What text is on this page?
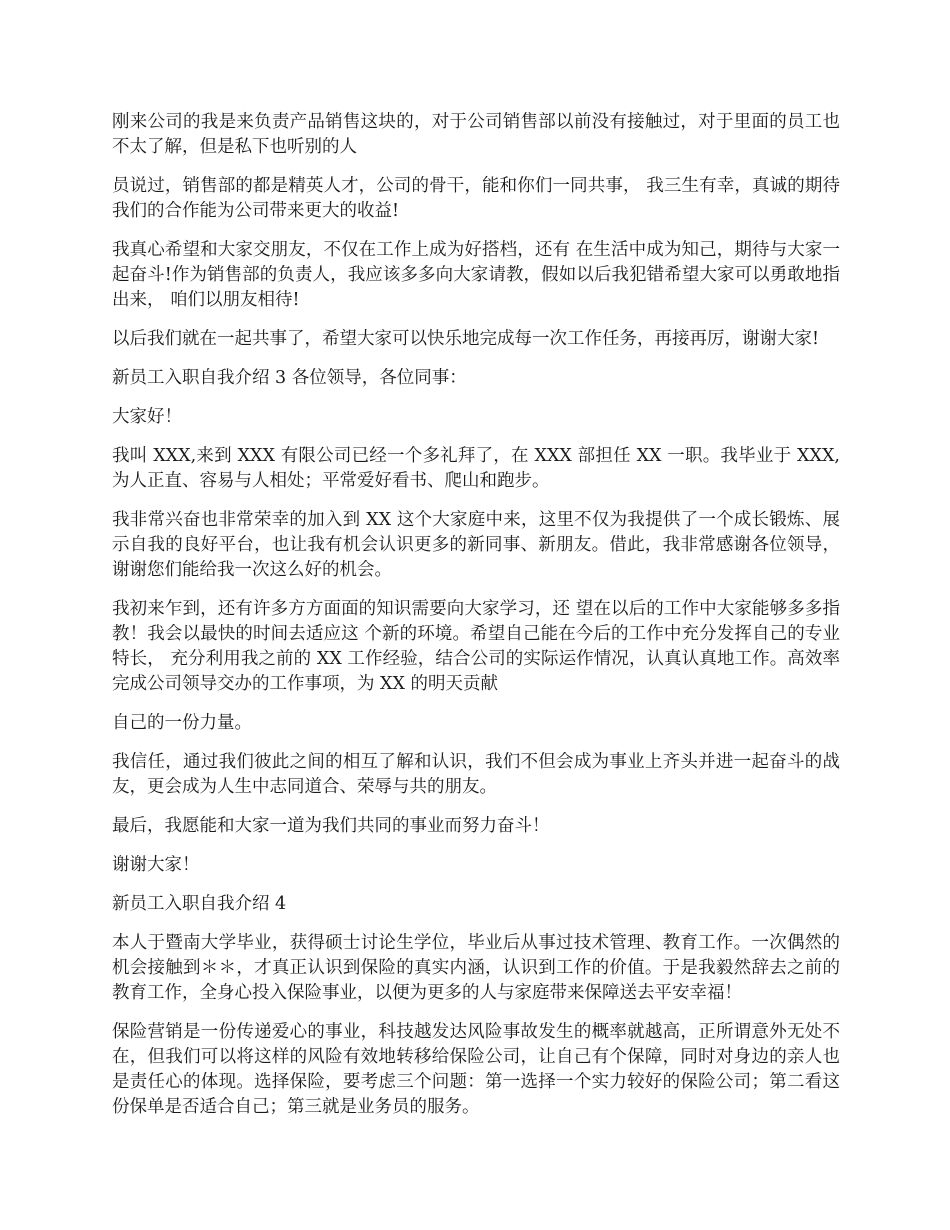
刚来公司的我是来负责产品销售这块的，对于公司销售部以前没有接触过，对于里面的员工也不太了解，但是私下也听别的人

员说过，销售部的都是精英人才，公司的骨干，能和你们一同共事， 我三生有幸，真诚的期待我们的合作能为公司带来更大的收益!

我真心希望和大家交朋友，不仅在工作上成为好搭档，还有 在生活中成为知己，期待与大家一起奋斗!作为销售部的负责人，我应该多多向大家请教，假如以后我犯错希望大家可以勇敢地指出来， 咱们以朋友相待!

以后我们就在一起共事了，希望大家可以快乐地完成每一次工作任务，再接再厉，谢谢大家!

新员工入职自我介绍 3 各位领导，各位同事：

大家好！

我叫 XXX,来到 XXX 有限公司已经一个多礼拜了，在 XXX 部担任 XX 一职。我毕业于 XXX,为人正直、容易与人相处；平常爱好看书、爬山和跑步。

我非常兴奋也非常荣幸的加入到 XX 这个大家庭中来，这里不仅为我提供了一个成长锻炼、展示自我的良好平台，也让我有机会认识更多的新同事、新朋友。借此，我非常感谢各位领导，谢谢您们能给我一次这么好的机会。

我初来乍到，还有许多方方面面的知识需要向大家学习，还 望在以后的工作中大家能够多多指教！我会以最快的时间去适应这 个新的环境。希望自己能在今后的工作中充分发挥自己的专业特长， 充分利用我之前的 XX 工作经验，结合公司的实际运作情况，认真认真地工作。高效率完成公司领导交办的工作事项，为 XX 的明天贡献

自己的一份力量。

我信任，通过我们彼此之间的相互了解和认识，我们不但会成为事业上齐头并进一起奋斗的战友，更会成为人生中志同道合、荣辱与共的朋友。

最后，我愿能和大家一道为我们共同的事业而努力奋斗！

谢谢大家！

新员工入职自我介绍 4

本人于暨南大学毕业，获得硕士讨论生学位，毕业后从事过技术管理、教育工作。一次偶然的机会接触到＊＊，才真正认识到保险的真实内涵，认识到工作的价值。于是我毅然辞去之前的教育工作，全身心投入保险事业，以便为更多的人与家庭带来保障送去平安幸福！

保险营销是一份传递爱心的事业，科技越发达风险事故发生的概率就越高，正所谓意外无处不在，但我们可以将这样的风险有效地转移给保险公司，让自己有个保障，同时对身边的亲人也是责任心的体现。选择保险，要考虑三个问题：第一选择一个实力较好的保险公司；第二看这份保单是否适合自己；第三就是业务员的服务。
